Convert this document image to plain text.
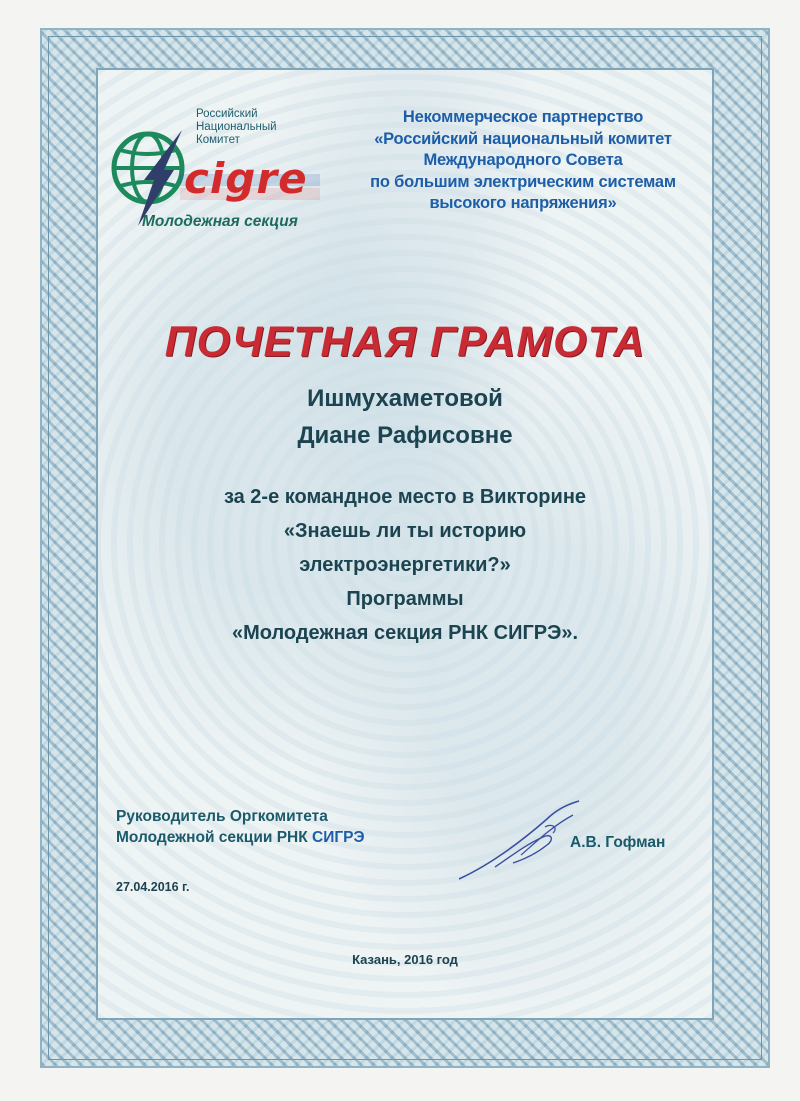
Российский
Национальный
Комитет
cigre
Молодежная секция
Некоммерческое партнерство
«Российский национальный комитет
Международного Совета
по большим электрическим системам
высокого напряжения»
ПОЧЕТНАЯ ГРАМОТА
Ишмухаметовой
Диане Рафисовне
за 2-е командное место в Викторине
«Знаешь ли ты историю
электроэнергетики?»
Программы
«Молодежная секция РНК СИГРЭ».
Руководитель Оргкомитета
Молодежной секции РНК СИГРЭ	А.В. Гофман
27.04.2016 г.
Казань, 2016 год
